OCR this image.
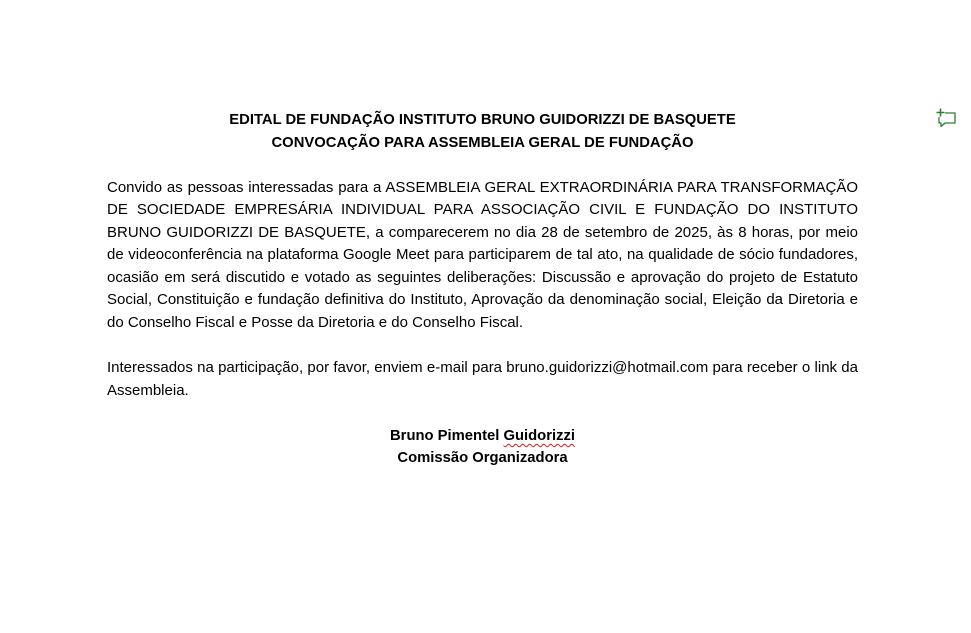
EDITAL DE FUNDAÇÃO INSTITUTO BRUNO GUIDORIZZI DE BASQUETE

CONVOCAÇÃO PARA ASSEMBLEIA GERAL DE FUNDAÇÃO

Convido as pessoas interessadas para a ASSEMBLEIA GERAL EXTRAORDINÁRIA PARA TRANSFORMAÇÃO DE SOCIEDADE EMPRESÁRIA INDIVIDUAL PARA ASSOCIAÇÃO CIVIL E FUNDAÇÃO DO INSTITUTO BRUNO GUIDORIZZI DE BASQUETE, a comparecerem no dia 28 de setembro de 2025, às 8 horas, por meio de videoconferência na plataforma Google Meet para participarem de tal ato, na qualidade de sócio fundadores, ocasião em será discutido e votado as seguintes deliberações: Discussão e aprovação do projeto de Estatuto Social, Constituição e fundação definitiva do Instituto, Aprovação da denominação social, Eleição da Diretoria e do Conselho Fiscal e Posse da Diretoria e do Conselho Fiscal.

Interessados na participação, por favor, enviem e-mail para bruno.guidorizzi@hotmail.com para receber o link da Assembleia.

Bruno Pimentel Guidorizzi

Comissão Organizadora
